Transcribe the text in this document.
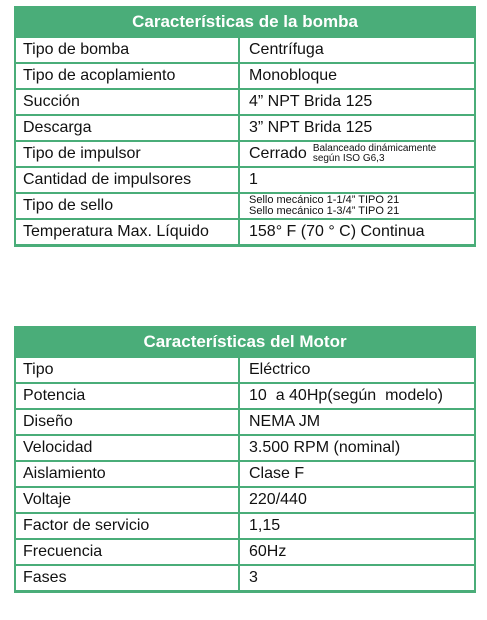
Características de la bomba	
Tipo de bomba	Centrífuga
Tipo de acoplamiento	Monobloque
Succión	4” NPT Brida 125
Descarga	3” NPT Brida 125
Tipo de impulsor	Cerrado Balanceado dinámicamente
según ISO G6,3

Cantidad de impulsores	1
Tipo de sello	Sello mecánico 1-1/4” TIPO 21
Sello mecánico 1-3/4” TIPO 21

Temperatura Max. Líquido	158° F (70 ° C) Continua
Características del Motor	
Tipo	Eléctrico
Potencia	10  a 40Hp(según  modelo)
Diseño	NEMA JM
Velocidad	3.500 RPM (nominal)
Aislamiento	Clase F
Voltaje	220/440
Factor de servicio	1,15
Frecuencia	60Hz
Fases	3
